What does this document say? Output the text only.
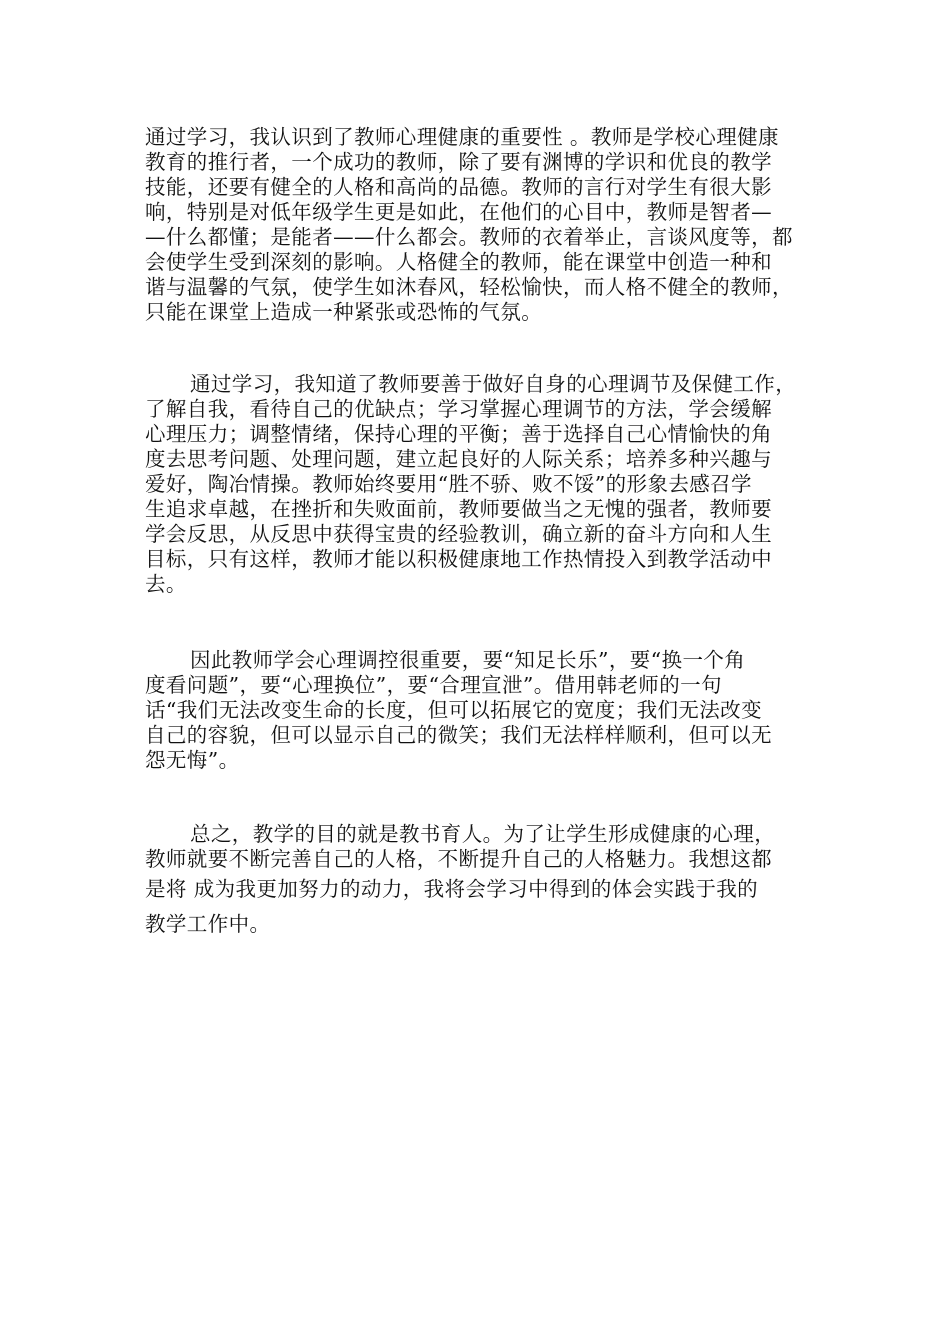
通过学习，我认识到了教师心理健康的重要性 。教师是学校心理健康
教育的推行者，一个成功的教师，除了要有渊博的学识和优良的教学
技能，还要有健全的人格和高尚的品德。教师的言行对学生有很大影
响，特别是对低年级学生更是如此，在他们的心目中，教师是智者—
—什么都懂；是能者——什么都会。教师的衣着举止，言谈风度等，都
会使学生受到深刻的影响。人格健全的教师，能在课堂中创造一种和
谐与温馨的气氛，使学生如沐春风，轻松愉快，而人格不健全的教师，
只能在课堂上造成一种紧张或恐怖的气氛。
通过学习，我知道了教师要善于做好自身的心理调节及保健工作，
了解自我，看待自己的优缺点；学习掌握心理调节的方法，学会缓解
心理压力；调整情绪，保持心理的平衡；善于选择自己心情愉快的角
度去思考问题、处理问题，建立起良好的人际关系；培养多种兴趣与
爱好，陶冶情操。教师始终要用“胜不骄、败不馁”的形象去感召学
生追求卓越，在挫折和失败面前，教师要做当之无愧的强者，教师要
学会反思，从反思中获得宝贵的经验教训，确立新的奋斗方向和人生
目标，只有这样，教师才能以积极健康地工作热情投入到教学活动中
去。
因此教师学会心理调控很重要，要“知足长乐”，要“换一个角
度看问题”，要“心理换位”，要“合理宣泄”。借用韩老师的一句
话“我们无法改变生命的长度，但可以拓展它的宽度；我们无法改变
自己的容貌，但可以显示自己的微笑；我们无法样样顺利，但可以无
怨无悔”。
总之，教学的目的就是教书育人。为了让学生形成健康的心理，
教师就要不断完善自己的人格，不断提升自己的人格魅力。我想这都
是将 成为我更加努力的动力，我将会学习中得到的体会实践于我的
教学工作中。
